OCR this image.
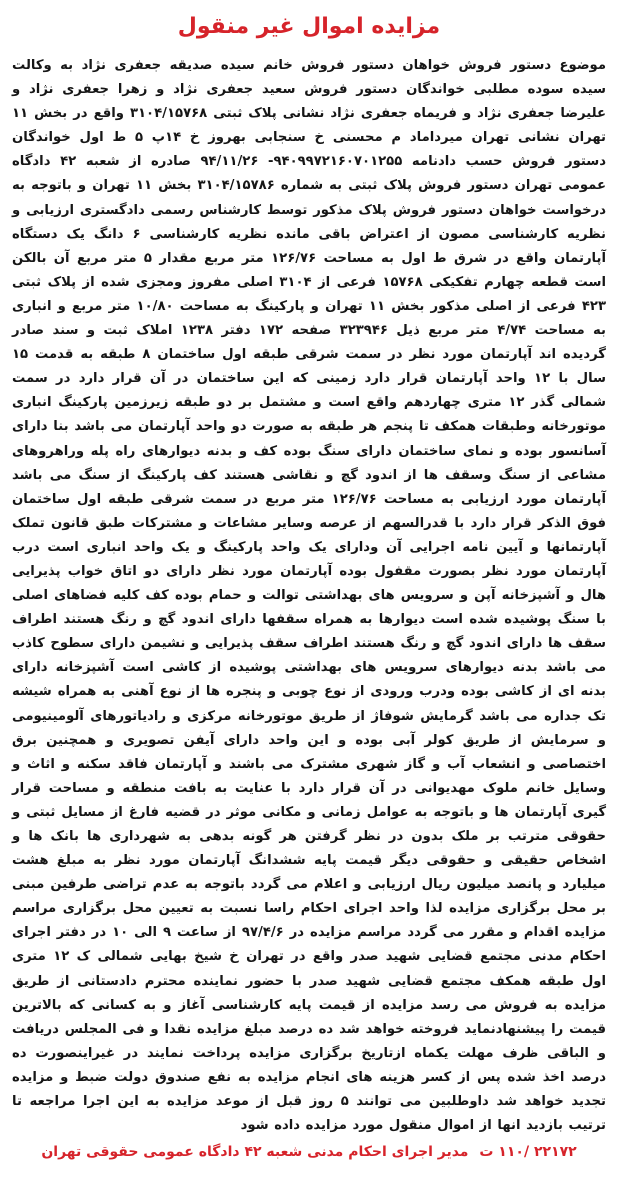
مزایده اموال غیر منقول
موضوع دستور فروش خواهان دستور فروش خانم سیده صدیقه جعفری نژاد به وکالت سیده سوده مطلبی خواندگان دستور فروش سعید جعفری نژاد و زهرا جعفری نژاد و علیرضا جعفری نژاد و فریماه جعفری نژاد نشانی پلاک ثبتی ۳۱۰۴/۱۵۷۶۸ واقع در بخش ۱۱ تهران نشانی تهران میرداماد م محسنی خ سنجابی بهروز خ ۱۴پ ۵ ط اول خواندگان دستور فروش حسب دادنامه ۹۴۰۹۹۷۲۱۶۰۷۰۱۲۵۵- ۹۴/۱۱/۲۶ صادره از شعبه ۴۲ دادگاه عمومی تهران دستور فروش پلاک ثبتی به شماره ۳۱۰۴/۱۵۷۸۶ بخش ۱۱ تهران و باتوجه به درخواست خواهان دستور فروش پلاک مذکور توسط کارشناس رسمی دادگستری ارزیابی و نظریه کارشناسی مصون از اعتراض باقی مانده نظریه کارشناسی ۶ دانگ یک دستگاه آپارتمان واقع در شرق ط اول به مساحت ۱۲۶/۷۶ متر مربع مقدار ۵ متر مربع آن بالکن است قطعه چهارم تفکیکی ۱۵۷۶۸ فرعی از ۳۱۰۴ اصلی مفروز ومجزی شده از پلاک ثبتی ۴۲۳ فرعی از اصلی مذکور بخش ۱۱ تهران و پارکینگ به مساحت ۱۰/۸۰ متر مربع و انباری به مساحت ۴/۷۴ متر مربع ذیل ۳۲۳۹۴۶ صفحه ۱۷۲ دفتر ۱۲۳۸ املاک ثبت و سند صادر گردیده اند آپارتمان مورد نظر در سمت شرقی طبقه اول ساختمان ۸ طبقه به قدمت ۱۵ سال با ۱۲ واحد آپارتمان قرار دارد زمینی که این ساختمان در آن قرار دارد در سمت شمالی گذر ۱۲ متری چهاردهم واقع است و مشتمل بر دو طبقه زیرزمین پارکینگ انباری موتورخانه وطبقات همکف تا پنجم هر طبقه به صورت دو واحد آپارتمان می باشد بنا دارای آسانسور بوده و نمای ساختمان دارای سنگ بوده کف و بدنه دیوارهای راه پله وراهروهای مشاعی از سنگ وسقف ها از اندود گچ و نقاشی هستند کف پارکینگ از سنگ می باشد آپارتمان مورد ارزیابی به مساحت ۱۲۶/۷۶ متر مربع در سمت شرقی طبقه اول ساختمان فوق الذکر قرار دارد با قدرالسهم از عرصه وسایر مشاعات و مشترکات طبق قانون تملک آپارتمانها و آیین نامه اجرایی آن ودارای یک واحد پارکینگ و یک واحد انباری است درب آپارتمان مورد نظر بصورت مقفول بوده آپارتمان مورد نظر دارای دو اتاق خواب پذیرایی هال و آشپزخانه آپن و سرویس های بهداشتی توالت و حمام بوده کف کلیه فضاهای اصلی با سنگ پوشیده شده است دیوارها به همراه سقفها دارای اندود گچ و رنگ هستند اطراف سقف ها دارای اندود گچ و رنگ هستند اطراف سقف پذیرایی و نشیمن دارای سطوح کاذب می باشد بدنه دیوارهای سرویس های بهداشتی پوشیده از کاشی است آشپزخانه دارای بدنه ای از کاشی بوده ودرب ورودی از نوع چوبی و پنجره ها از نوع آهنی به همراه شیشه تک جداره می باشد گرمایش شوفاژ از طریق موتورخانه مرکزی و رادیاتورهای آلومینیومی و سرمایش از طریق کولر آبی بوده و این واحد دارای آیفن تصویری و همچنین برق اختصاصی و انشعاب آب و گاز شهری مشترک می باشند و آپارتمان فاقد سکنه و اثاث و وسایل خانم ملوک مهدیوانی در آن قرار دارد با عنایت به بافت منطقه و مساحت قرار گیری آپارتمان ها و باتوجه به عوامل زمانی و مکانی موثر در قضیه فارغ از مسایل ثبتی و حقوقی مترتب بر ملک بدون در نظر گرفتن هر گونه بدهی به شهرداری ها بانک ها و اشخاص حقیقی و حقوقی دیگر قیمت پایه ششدانگ آپارتمان مورد نظر به مبلغ هشت میلیارد و پانصد میلیون ریال ارزیابی و اعلام می گردد باتوجه به عدم تراضی طرفین مبنی بر محل برگزاری مزایده لذا واحد اجرای احکام راسا نسبت به تعیین محل برگزاری مراسم مزایده اقدام و مقرر می گردد مراسم مزایده در ۹۷/۴/۶ از ساعت ۹ الی ۱۰ در دفتر اجرای احکام مدنی مجتمع قضایی شهید صدر واقع در تهران خ شیخ بهایی شمالی ک ۱۲ متری اول طبقه همکف مجتمع قضایی شهید صدر با حضور نماینده محترم دادستانی از طریق مزایده به فروش می رسد مزایده از قیمت پایه کارشناسی آغاز و به کسانی که بالاترین قیمت را پیشنهادنماید فروخته خواهد شد ده درصد مبلغ مزایده نقدا و فی المجلس دریافت و الباقی ظرف مهلت یکماه ازتاریخ برگزاری مزایده پرداخت نمایند در غیراینصورت ده درصد اخذ شده پس از کسر هزینه های انجام مزایده به نفع صندوق دولت ضبط و مزایده تجدید خواهد شد داوطلبین می توانند ۵ روز قبل از موعد مزایده به این اجرا مراجعه تا ترتیب بازدید انها از اموال منقول مورد مزایده داده شود
۲۲۱۷۲ /۱۱۰ ت مدیر اجرای احکام مدنی شعبه ۴۲ دادگاه عمومی حقوقی تهران
